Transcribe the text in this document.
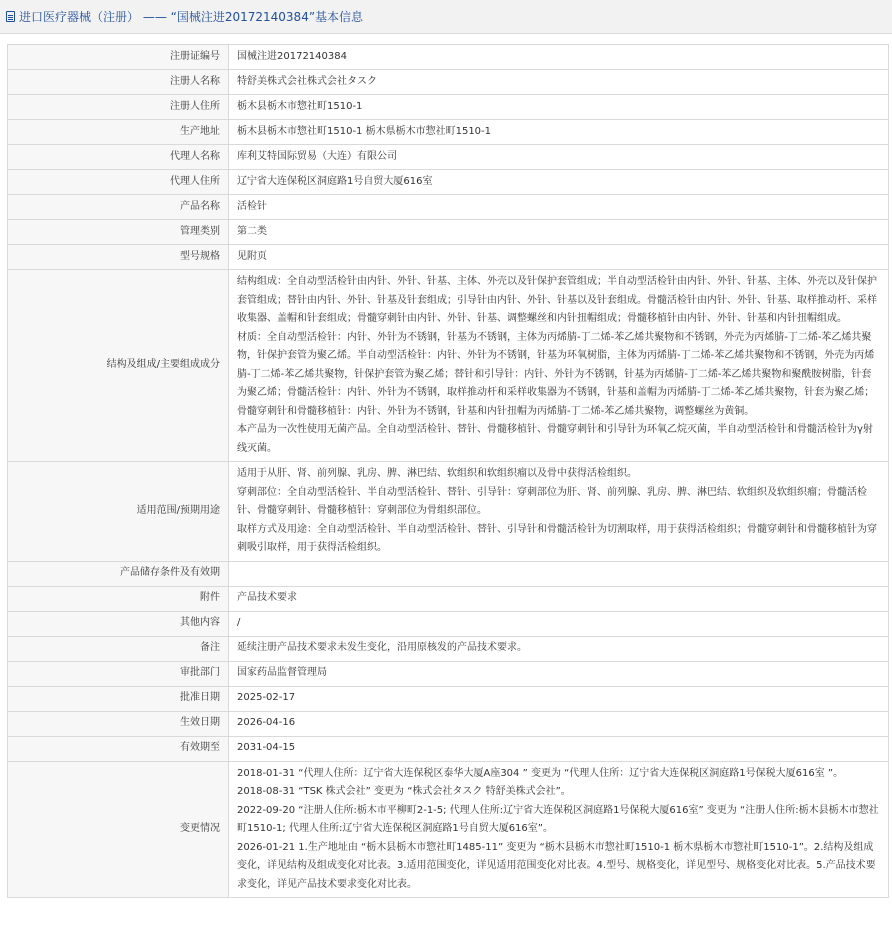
进口医疗器械（注册） —— “国械注进20172140384”基本信息
注册证编号	国械注进20172140384
注册人名称	特舒美株式会社株式会社タスク
注册人住所	栃木县栃木市惣社町1510-1
生产地址	栃木县栃木市惣社町1510-1 栃木県栃木市惣社町1510-1
代理人名称	库利艾特国际贸易（大连）有限公司
代理人住所	辽宁省大连保税区洞庭路1号自贸大厦616室
产品名称	活检针
管理类别	第二类
型号规格	见附页
结构及组成/主要组成成分	结构组成：全自动型活检针由内针、外针、针基、主体、外壳以及针保护套管组成；半自动型活检针由内针、外针、针基、主体、外壳以及针保护套管组成；替针由内针、外针、针基及针套组成；引导针由内针、外针、针基以及针套组成。骨髓活检针由内针、外针、针基、取样推动杆、采样收集器、盖帽和针套组成；骨髓穿刺针由内针、外针、针基、调整螺丝和内针扭帽组成；骨髓移植针由内针、外针、针基和内针扭帽组成。
材质：全自动型活检针：内针、外针为不锈钢，针基为不锈钢，主体为丙烯腈-丁二烯-苯乙烯共聚物和不锈钢，外壳为丙烯腈-丁二烯-苯乙烯共聚物，针保护套管为聚乙烯。半自动型活检针：内针、外针为不锈钢，针基为环氧树脂，主体为丙烯腈-丁二烯-苯乙烯共聚物和不锈钢，外壳为丙烯腈-丁二烯-苯乙烯共聚物，针保护套管为聚乙烯；替针和引导针：内针、外针为不锈钢，针基为丙烯腈-丁二烯-苯乙烯共聚物和聚酰胺树脂，针套为聚乙烯；骨髓活检针：内针、外针为不锈钢，取样推动杆和采样收集器为不锈钢，针基和盖帽为丙烯腈-丁二烯-苯乙烯共聚物，针套为聚乙烯；骨髓穿刺针和骨髓移植针：内针、外针为不锈钢，针基和内针扭帽为丙烯腈-丁二烯-苯乙烯共聚物，调整螺丝为黄铜。
本产品为一次性使用无菌产品。全自动型活检针、替针、骨髓移植针、骨髓穿刺针和引导针为环氧乙烷灭菌，半自动型活检针和骨髓活检针为γ射线灭菌。

适用范围/预期用途	适用于从肝、肾、前列腺、乳房、脾、淋巴结、软组织和软组织瘤以及骨中获得活检组织。
穿刺部位：全自动型活检针、半自动型活检针、替针、引导针：穿刺部位为肝、肾、前列腺、乳房、脾、淋巴结、软组织及软组织瘤；骨髓活检针、骨髓穿刺针、骨髓移植针：穿刺部位为骨组织部位。
取样方式及用途：全自动型活检针、半自动型活检针、替针、引导针和骨髓活检针为切割取样，用于获得活检组织；骨髓穿刺针和骨髓移植针为穿刺吸引取样，用于获得活检组织。

产品储存条件及有效期	
附件	产品技术要求
其他内容	/
备注	延续注册产品技术要求未发生变化，沿用原核发的产品技术要求。
审批部门	国家药品监督管理局
批准日期	2025-02-17
生效日期	2026-04-16
有效期至	2031-04-15
变更情况	2018-01-31 “代理人住所：辽宁省大连保税区泰华大厦A座304 ” 变更为 “代理人住所：辽宁省大连保税区洞庭路1号保税大厦616室 ”。
2018-08-31 “TSK 株式会社” 变更为 “株式会社タスク 特舒美株式会社”。
2022-09-20 “注册人住所:栃木市平柳町2-1-5; 代理人住所:辽宁省大连保税区洞庭路1号保税大厦616室” 变更为 “注册人住所:栃木县栃木市惣社町1510-1; 代理人住所:辽宁省大连保税区洞庭路1号自贸大厦616室”。
2026-01-21 1.生产地址由 “栃木县栃木市惣社町1485-11” 变更为 “栃木县栃木市惣社町1510-1 栃木県栃木市惣社町1510-1”。2.结构及组成变化，详见结构及组成变化对比表。3.适用范围变化，详见适用范围变化对比表。4.型号、规格变化，详见型号、规格变化对比表。5.产品技术要求变化，详见产品技术要求变化对比表。
